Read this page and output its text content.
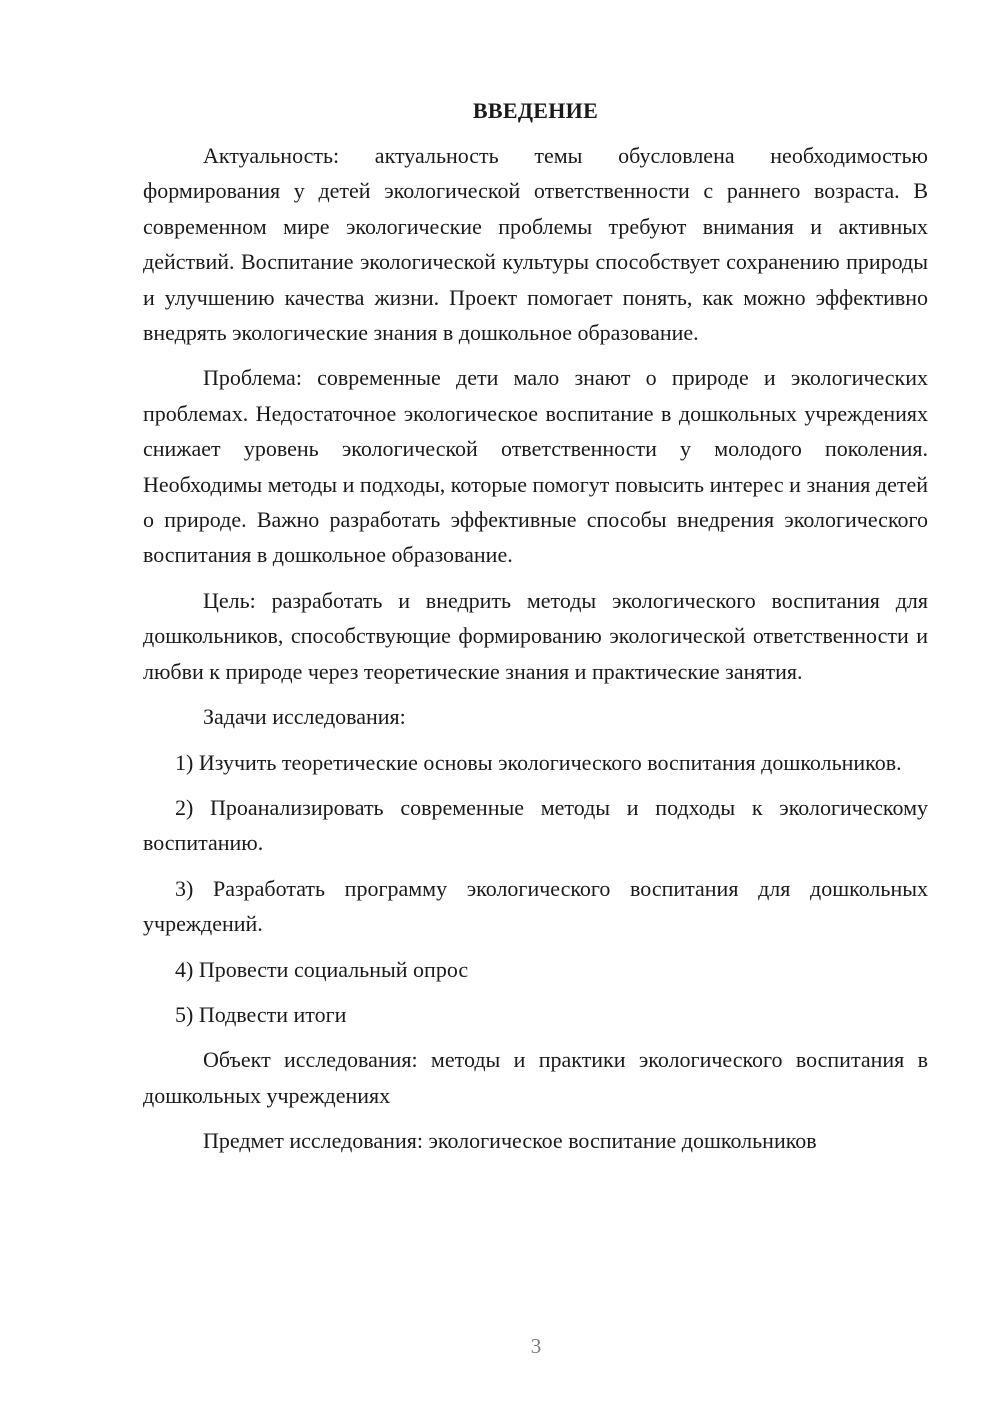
ВВЕДЕНИЕ

Актуальность: актуальность темы обусловлена необходимостью формирования у детей экологической ответственности с раннего возраста. В современном мире экологические проблемы требуют внимания и активных действий. Воспитание экологической культуры способствует сохранению природы и улучшению качества жизни. Проект помогает понять, как можно эффективно внедрять экологические знания в дошкольное образование.

Проблема: современные дети мало знают о природе и экологических проблемах. Недостаточное экологическое воспитание в дошкольных учреждениях снижает уровень экологической ответственности у молодого поколения. Необходимы методы и подходы, которые помогут повысить интерес и знания детей о природе. Важно разработать эффективные способы внедрения экологического воспитания в дошкольное образование.

Цель: разработать и внедрить методы экологического воспитания для дошкольников, способствующие формированию экологической ответственности и любви к природе через теоретические знания и практические занятия.

Задачи исследования:

1) Изучить теоретические основы экологического воспитания дошкольников.

2) Проанализировать современные методы и подходы к экологическому воспитанию.

3) Разработать программу экологического воспитания для дошкольных учреждений.

4) Провести социальный опрос

5) Подвести итоги

Объект исследования: методы и практики экологического воспитания в дошкольных учреждениях

Предмет исследования: экологическое воспитание дошкольников

3
